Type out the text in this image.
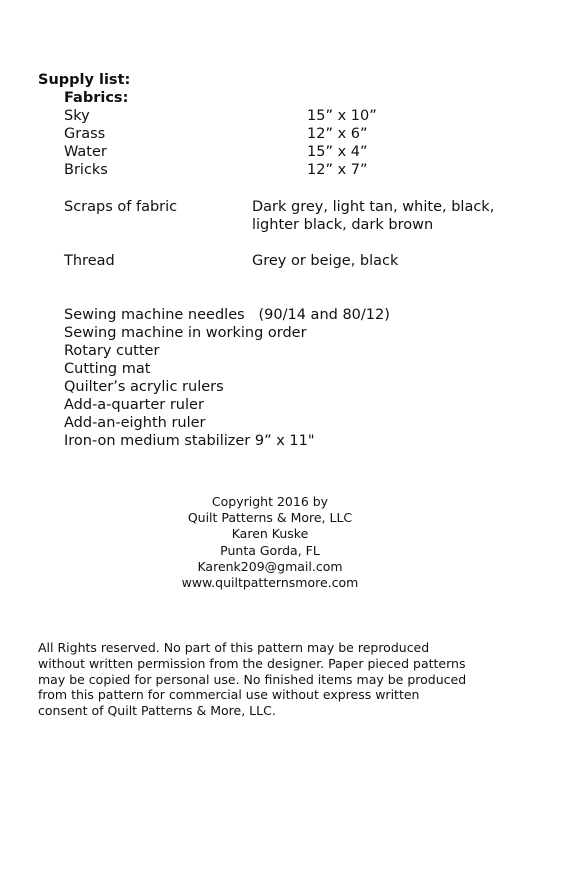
Supply list:
Fabrics:
Sky	15” x 10”
Grass	12” x 6”
Water	15” x 4”
Bricks	12” x 7”
Scraps of fabric	Dark grey, light tan, white, black,
lighter black, dark brown
Thread	Grey or beige, black
Sewing machine needles   (90/14 and 80/12)
Sewing machine in working order
Rotary cutter
Cutting mat
Quilter’s acrylic rulers
Add-a-quarter ruler
Add-an-eighth ruler
Iron-on medium stabilizer 9” x 11"
Copyright 2016 by
Quilt Patterns & More, LLC
Karen Kuske
Punta Gorda, FL
Karenk209@gmail.com
www.quiltpatternsmore.com
All Rights reserved. No part of this pattern may be reproduced
without written permission from the designer. Paper pieced patterns
may be copied for personal use. No finished items may be produced
from this pattern for commercial use without express written
consent of Quilt Patterns & More, LLC.
